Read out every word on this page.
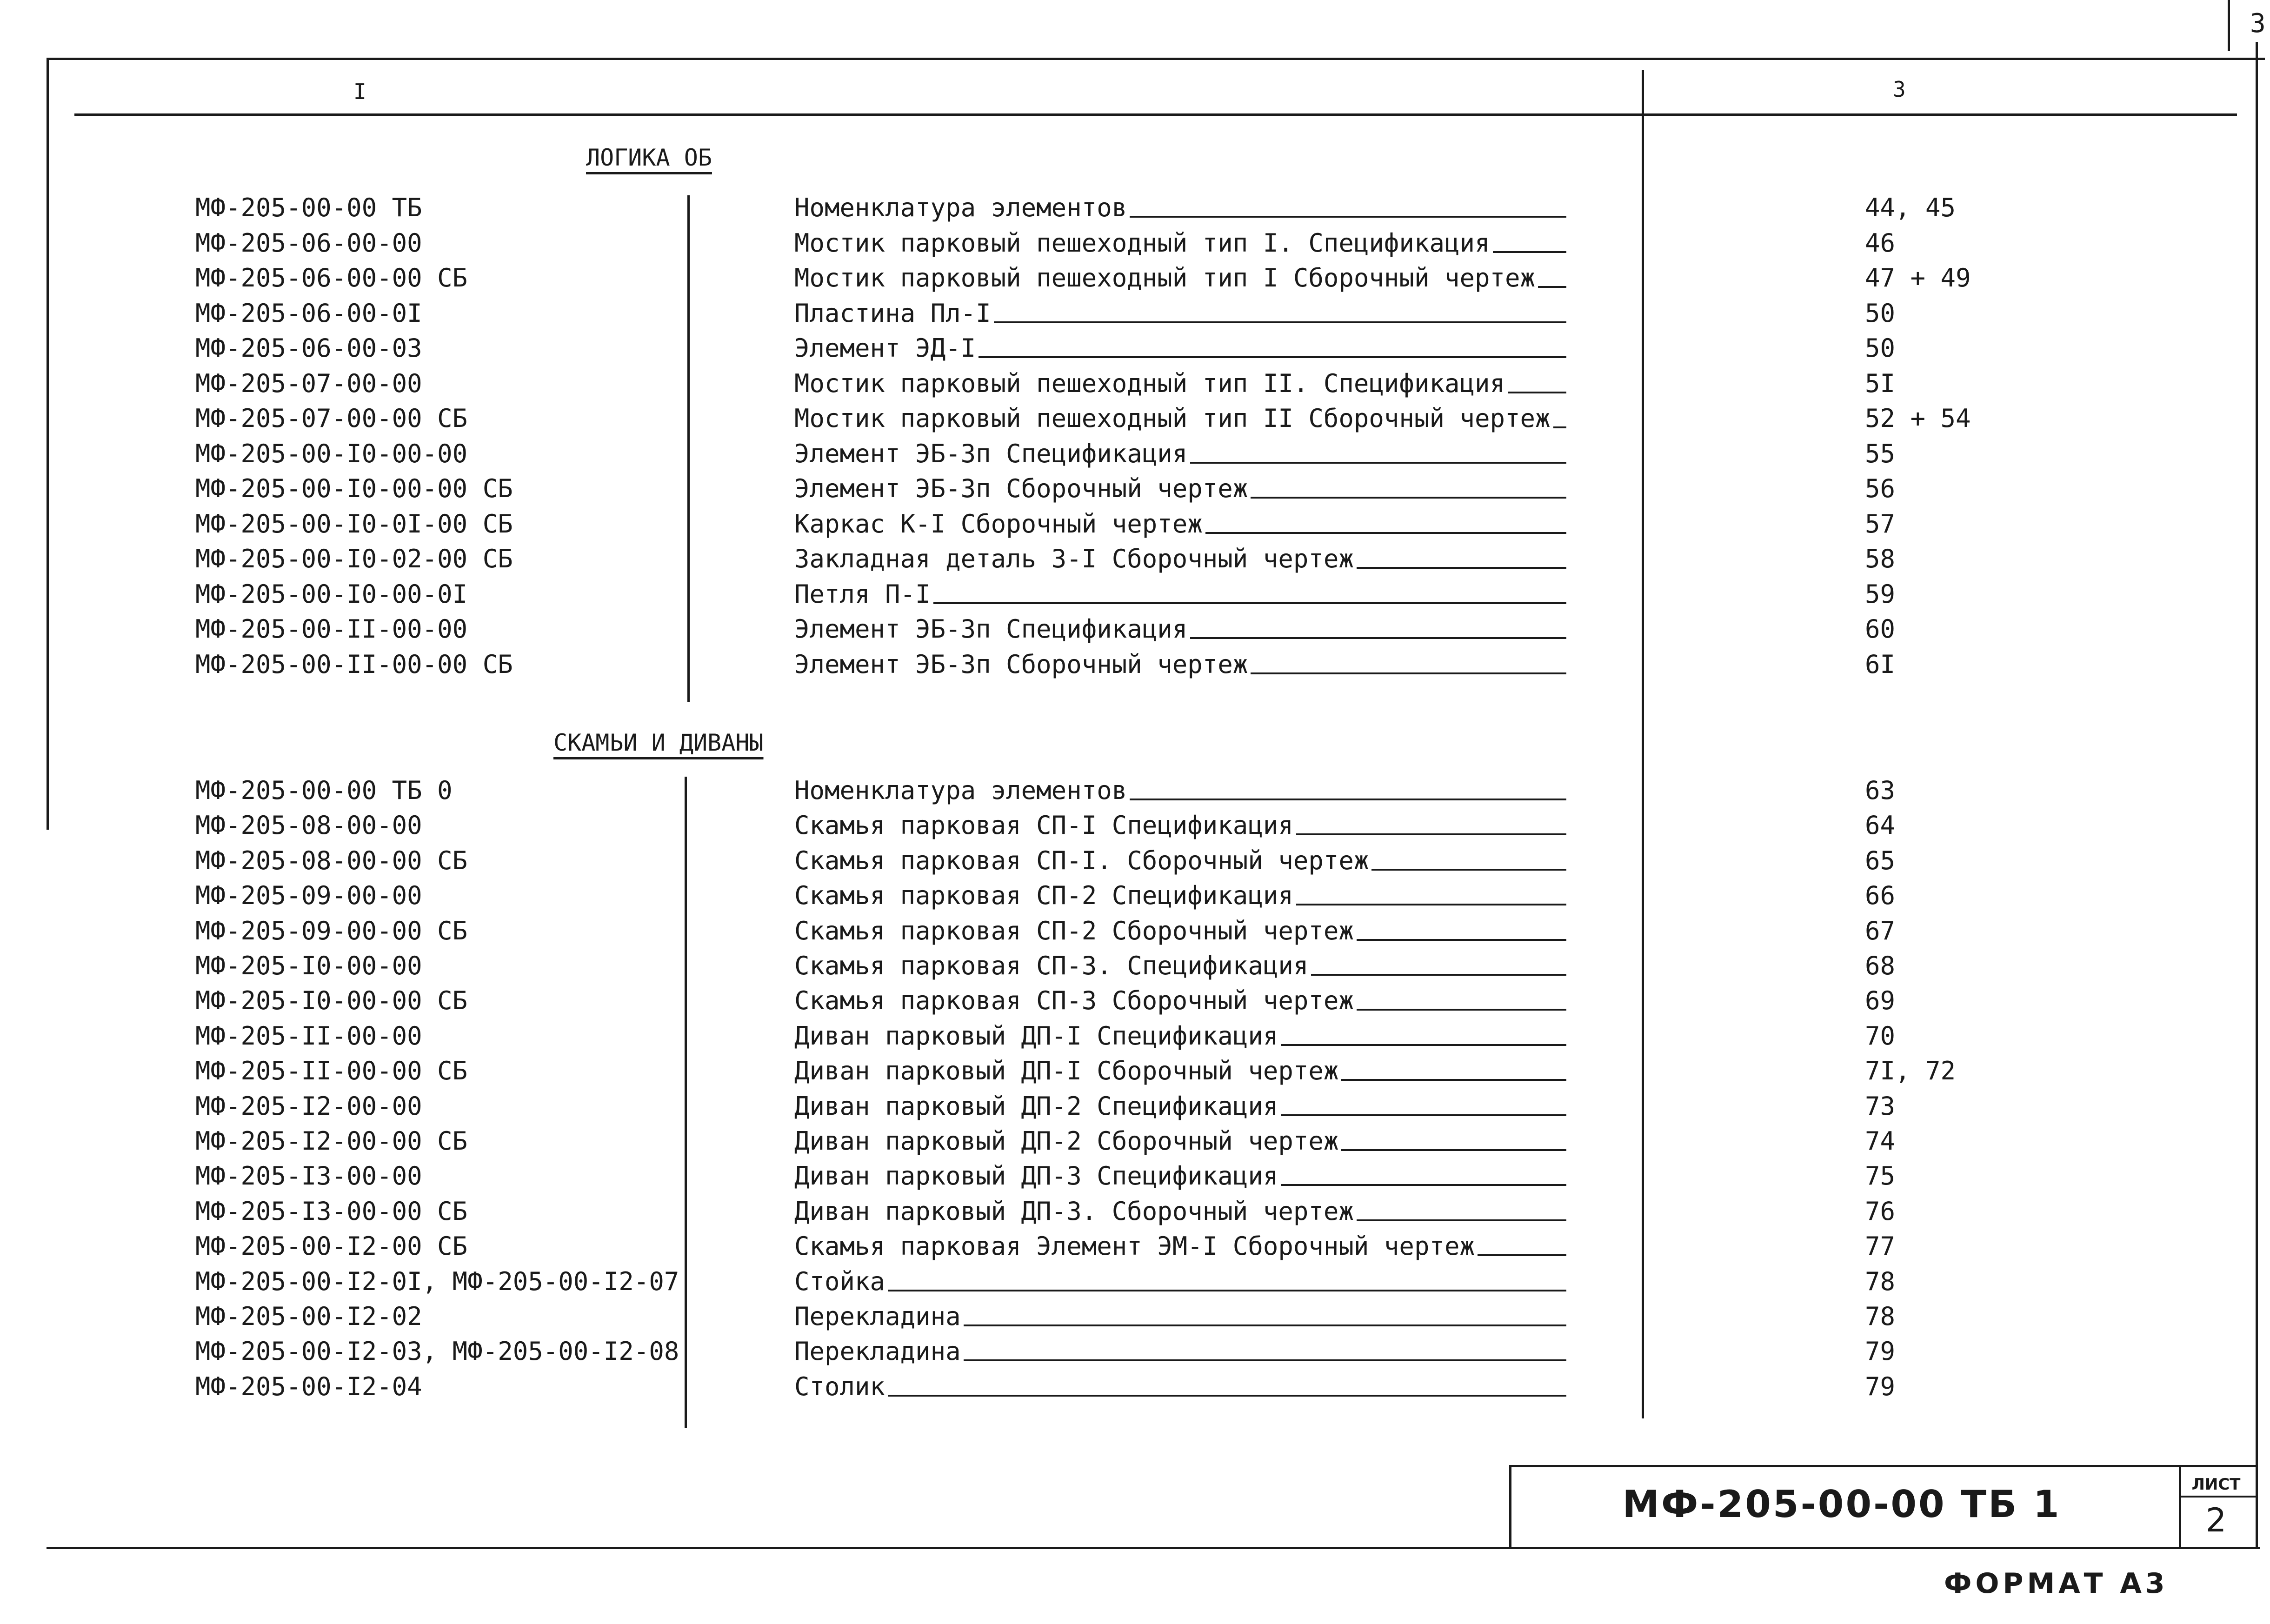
I	3
3
ЛОГИКА ОБ
МФ-205-00-00 ТБ	Номенклатура элементов	44, 45
МФ-205-06-00-00	Мостик парковый пешеходный тип I. Спецификация	46
МФ-205-06-00-00 СБ	Мостик парковый пешеходный тип I Сборочный чертеж	47 + 49
МФ-205-06-00-0I	Пластина Пл-I	50
МФ-205-06-00-03	Элемент ЭД-I	50
МФ-205-07-00-00	Мостик парковый пешеходный тип II. Спецификация	5I
МФ-205-07-00-00 СБ	Мостик парковый пешеходный тип II Сборочный чертеж	52 + 54
МФ-205-00-I0-00-00	Элемент ЭБ-3п Спецификация	55
МФ-205-00-I0-00-00 СБ	Элемент ЭБ-3п Сборочный чертеж	56
МФ-205-00-I0-0I-00 СБ	Каркас К-I Сборочный чертеж	57
МФ-205-00-I0-02-00 СБ	Закладная деталь З-I Сборочный чертеж	58
МФ-205-00-I0-00-0I	Петля П-I	59
МФ-205-00-II-00-00	Элемент ЭБ-3п Спецификация	60
МФ-205-00-II-00-00 СБ	Элемент ЭБ-3п Сборочный чертеж	6I
СКАМЬИ И ДИВАНЫ
МФ-205-00-00 ТБ 0	Номенклатура элементов	63
МФ-205-08-00-00	Скамья парковая СП-I Спецификация	64
МФ-205-08-00-00 СБ	Скамья парковая СП-I. Сборочный чертеж	65
МФ-205-09-00-00	Скамья парковая СП-2 Спецификация	66
МФ-205-09-00-00 СБ	Скамья парковая СП-2 Сборочный чертеж	67
МФ-205-I0-00-00	Скамья парковая СП-3. Спецификация	68
МФ-205-I0-00-00 СБ	Скамья парковая СП-3 Сборочный чертеж	69
МФ-205-II-00-00	Диван парковый ДП-I Спецификация	70
МФ-205-II-00-00 СБ	Диван парковый ДП-I Сборочный чертеж	7I, 72
МФ-205-I2-00-00	Диван парковый ДП-2 Спецификация	73
МФ-205-I2-00-00 СБ	Диван парковый ДП-2 Сборочный чертеж	74
МФ-205-I3-00-00	Диван парковый ДП-3 Спецификация	75
МФ-205-I3-00-00 СБ	Диван парковый ДП-3. Сборочный чертеж	76
МФ-205-00-I2-00 СБ	Скамья парковая Элемент ЭМ-I Сборочный чертеж	77
МФ-205-00-I2-0I, МФ-205-00-I2-07	Стойка	78
МФ-205-00-I2-02	Перекладина	78
МФ-205-00-I2-03, МФ-205-00-I2-08	Перекладина	79
МФ-205-00-I2-04	Столик	79
МФ-205-00-00 ТБ 1	ЛИСТ
2
ФОРМАТ А3
